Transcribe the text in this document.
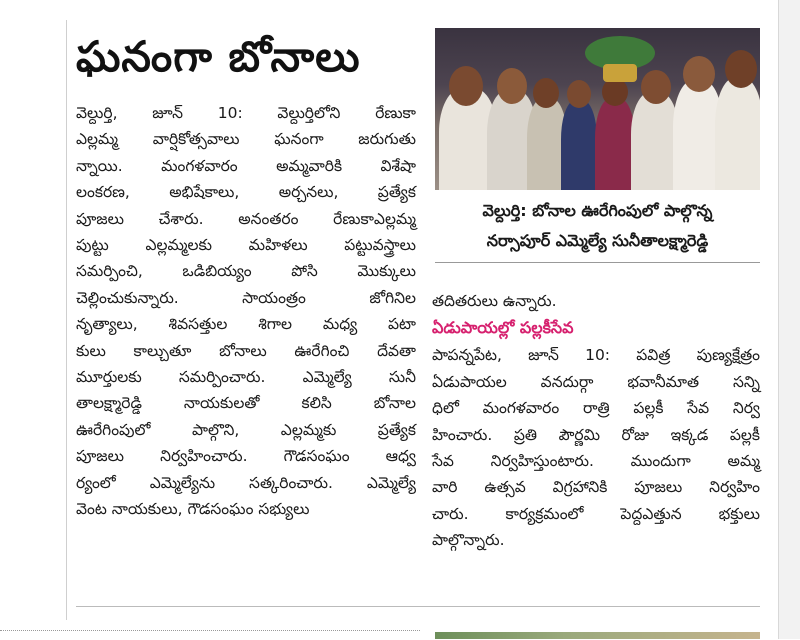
ఘనంగా బోనాలు

వెల్దుర్తి, జూన్ 10: వెల్దుర్తిలోని రేణుకా

ఎల్లమ్మ వార్షికోత్సవాలు ఘనంగా జరుగుతు

న్నాయి. మంగళవారం అమ్మవారికి విశేషా

లంకరణ, అభిషేకాలు, అర్చనలు, ప్రత్యేక

పూజలు చేశారు. అనంతరం రేణుకాఎల్లమ్మ

పుట్టు ఎల్లమ్మలకు మహిళలు పట్టువస్త్రాలు

సమర్పించి, ఒడిబియ్యం పోసి మొక్కులు

చెల్లించుకున్నారు. సాయంత్రం జోగినిల

నృత్యాలు, శివసత్తుల శిగాల మధ్య పటా

కులు కాల్చుతూ బోనాలు ఊరేగించి దేవతా

మూర్తులకు సమర్పించారు. ఎమ్మెల్యే సునీ

తాలక్ష్మారెడ్డి నాయకులతో కలిసి బోనాల

ఊరేగింపులో పాల్గొని, ఎల్లమ్మకు ప్రత్యేక

పూజలు నిర్వహించారు. గౌడసంఘం ఆధ్వ

ర్యంలో ఎమ్మెల్యేను సత్కరించారు. ఎమ్మెల్యే

వెంట నాయకులు, గౌడసంఘం సభ్యులు

వెల్దుర్తి: బోనాల ఊరేగింపులో పాల్గొన్న
నర్సాపూర్ ఎమ్మెల్యే సునీతాలక్ష్మారెడ్డి

తదితరులు ఉన్నారు.

ఏడుపాయల్లో పల్లకీసేవ

పాపన్నపేట, జూన్ 10: పవిత్ర పుణ్యక్షేత్రం

ఏడుపాయల వనదుర్గా భవానీమాత సన్ని

ధిలో మంగళవారం రాత్రి పల్లకీ సేవ నిర్వ

హించారు. ప్రతి పౌర్ణమి రోజు ఇక్కడ పల్లకీ

సేవ నిర్వహిస్తుంటారు. ముందుగా అమ్మ

వారి ఉత్సవ విగ్రహానికి పూజలు నిర్వహిం

చారు. కార్యక్రమంలో పెద్దఎత్తున భక్తులు

పాల్గొన్నారు.
